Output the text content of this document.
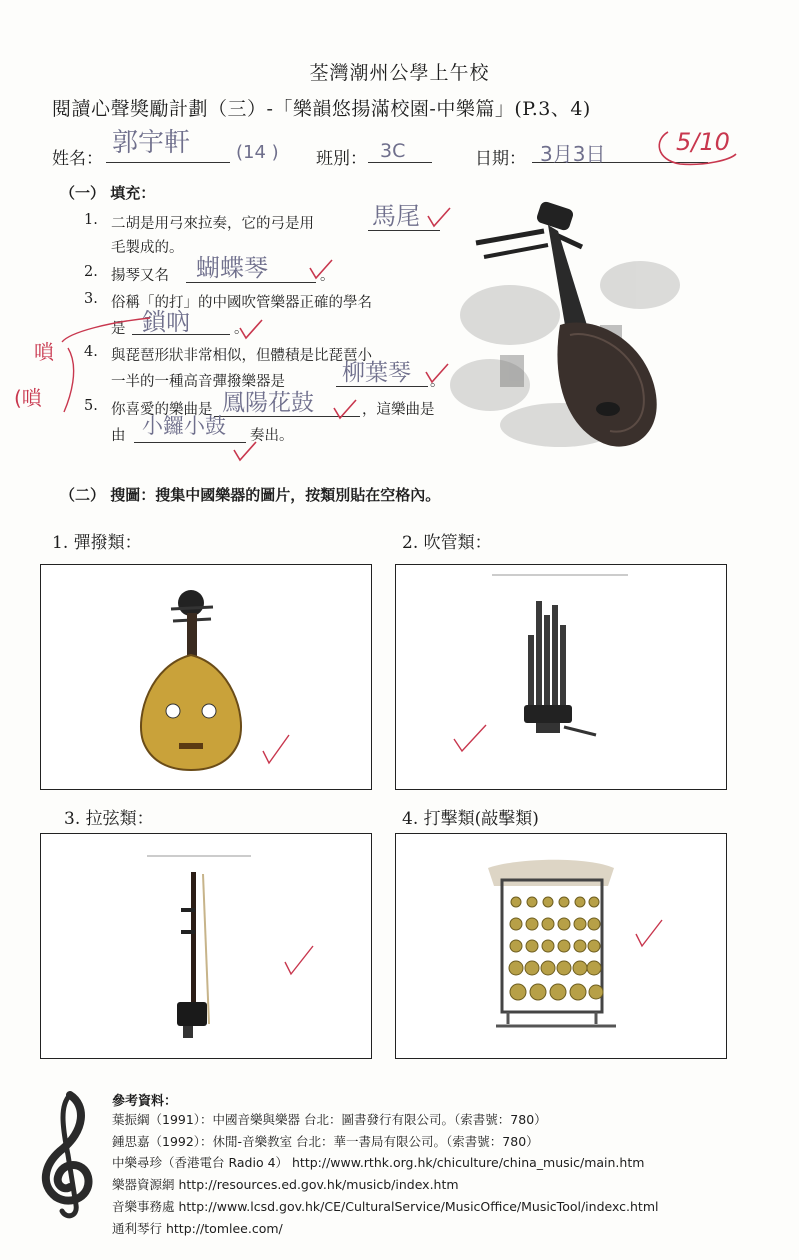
荃灣潮州公學上午校
閱讀心聲獎勵計劃（三）-「樂韻悠揚滿校園-中樂篇」(P.3、4)
姓名：
郭宇軒	(14 ) 班別： 3C	日期： 3月3日	5/10
（一） 填充：
1. 二胡是用弓來拉奏，它的弓是用 馬尾
毛製成的。
2. 揚琴又名 蝴蝶琴	。
3. 俗稱「的打」的中國吹管樂器正確的學名
是 鎖吶	。
嗩
(嗩
4. 與琵琶形狀非常相似，但體積是比琵琶小
一半的一種高音彈撥樂器是 柳葉琴 。
5. 你喜愛的樂曲是 鳳陽花鼓	，這樂曲是
由 小鑼小鼓 奏出。
（二） 搜圖：搜集中國樂器的圖片，按類別貼在空格內。
1. 彈撥類：	2. 吹管類：
3. 拉弦類：	4. 打擊類(敲擊類)
參考資料：
葉振綱（1991）：中國音樂與樂器 台北：圖書發行有限公司。（索書號：780）
鍾思嘉（1992）：休閒-音樂教室 台北：華一書局有限公司。（索書號：780）
中樂尋珍（香港電台 Radio 4） http://www.rthk.org.hk/chiculture/china_music/main.htm
樂器資源網 http://resources.ed.gov.hk/musicb/index.htm
音樂事務處 http://www.lcsd.gov.hk/CE/CulturalService/MusicOffice/MusicTool/indexc.html
通利琴行 http://tomlee.com/
